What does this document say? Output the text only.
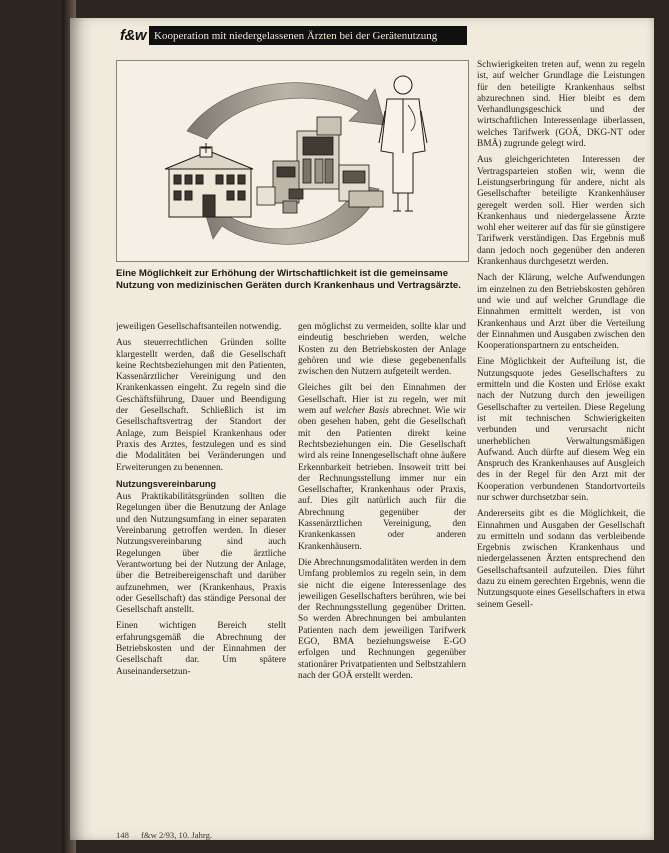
f&w Kooperation mit niedergelassenen Ärzten bei der Gerätenutzung
Eine Möglichkeit zur Erhöhung der Wirtschaftlichkeit ist die gemeinsame Nutzung von medizinischen Geräten durch Krankenhaus und Vertragsärzte.

jeweiligen Gesellschaftsanteilen notwendig.

Aus steuerrechtlichen Gründen sollte klargestellt werden, daß die Gesellschaft keine Rechtsbeziehungen mit den Patienten, Kassenärztlicher Vereinigung und den Krankenkassen eingeht. Zu regeln sind die Geschäftsführung, Dauer und Beendigung der Gesellschaft. Schließlich ist im Gesellschaftsvertrag der Standort der Anlage, zum Beispiel Krankenhaus oder Praxis des Arztes, festzulegen und es sind die Modalitäten bei Veränderungen und Erweiterungen zu benennen.

Nutzungsvereinbarung

Aus Praktikabilitätsgründen sollten die Regelungen über die Benutzung der Anlage und den Nutzungsumfang in einer separaten Vereinbarung getroffen werden. In dieser Nutzungsvereinbarung sind auch Regelungen über die ärztliche Verantwortung bei der Nutzung der Anlage, über die Betreibereigenschaft und darüber aufzunehmen, wer (Krankenhaus, Praxis oder Gesellschaft) das ständige Personal der Gesellschaft anstellt.

Einen wichtigen Bereich stellt erfahrungsgemäß die Abrechnung der Betriebskosten und der Einnahmen der Gesellschaft dar. Um spätere Auseinandersetzun-

gen möglichst zu vermeiden, sollte klar und eindeutig beschrieben werden, welche Kosten zu den Betriebskosten der Anlage gehören und wie diese gegebenenfalls zwischen den Nutzern aufgeteilt werden.

Gleiches gilt bei den Einnahmen der Gesellschaft. Hier ist zu regeln, wer mit wem auf welcher Basis abrechnet. Wie wir oben gesehen haben, geht die Gesellschaft mit den Patienten direkt keine Rechtsbeziehungen ein. Die Gesellschaft wird als reine Innengesellschaft ohne äußere Erkennbarkeit betrieben. Insoweit tritt bei der Rechnungsstellung immer nur ein Gesellschafter, Krankenhaus oder Praxis, auf. Dies gilt natürlich auch für die Abrechnung gegenüber der Kassenärztlichen Vereinigung, den Krankenkassen oder anderen Krankenhäusern.

Die Abrechnungsmodalitäten werden in dem Umfang problemlos zu regeln sein, in dem sie nicht die eigene Interessenlage des jeweiligen Gesellschafters berühren, wie bei der Rechnungsstellung gegenüber Dritten. So werden Abrechnungen bei ambulanten Patienten nach dem jeweiligen Tarifwerk EGO, BMA beziehungsweise E-GO erfolgen und Rechnungen gegenüber stationärer Privatpatienten und Selbstzahlern nach der GOÄ erstellt werden.

Schwierigkeiten treten auf, wenn zu regeln ist, auf welcher Grundlage die Leistungen für den beteiligte Krankenhaus selbst abzurechnen sind. Hier bleibt es dem Verhandlungsgeschick und der wirtschaftlichen Interessenlage überlassen, welches Tarifwerk (GOÄ, DKG-NT oder BMÄ) zugrunde gelegt wird.

Aus gleichgerichteten Interessen der Vertragsparteien stoßen wir, wenn die Leistungserbringung für andere, nicht als Gesellschafter beteiligte Krankenhäuser geregelt werden soll. Hier werden sich Krankenhaus und niedergelassene Ärzte wohl eher weiterer auf das für sie günstigere Tarifwerk verständigen. Das Ergebnis muß dann jedoch noch gegenüber den anderen Krankenhaus durchgesetzt werden.

Nach der Klärung, welche Aufwendungen im einzelnen zu den Betriebskosten gehören und wie und auf welcher Grundlage die Einnahmen ermittelt werden, ist von Krankenhaus und Arzt über die Verteilung der Einnahmen und Ausgaben zwischen den Kooperationspartnern zu entscheiden.

Eine Möglichkeit der Aufteilung ist, die Nutzungsquote jedes Gesellschafters zu ermitteln und die Kosten und Erlöse exakt nach der Nutzung durch den jeweiligen Gesellschafter zu verteilen. Diese Regelung ist mit technischen Schwierigkeiten verbunden und verursacht nicht unerheblichen Verwaltungsmäßigen Aufwand. Auch dürfte auf diesem Weg ein Anspruch des Krankenhauses auf Ausgleich des in der Regel für den Arzt mit der Kooperation verbundenen Standortvorteils nur schwer durchsetzbar sein.

Andererseits gibt es die Möglichkeit, die Einnahmen und Ausgaben der Gesellschaft zu ermitteln und sodann das verbleibende Ergebnis zwischen Krankenhaus und niedergelassenen Ärzten entsprechend den Gesellschaftsanteil aufzuteilen. Dies führt dazu zu einem gerechten Ergebnis, wenn die Nutzungsquote eines Gesellschafters in etwa seinem Gesell-

148 f&w 2/93, 10. Jahrg.
